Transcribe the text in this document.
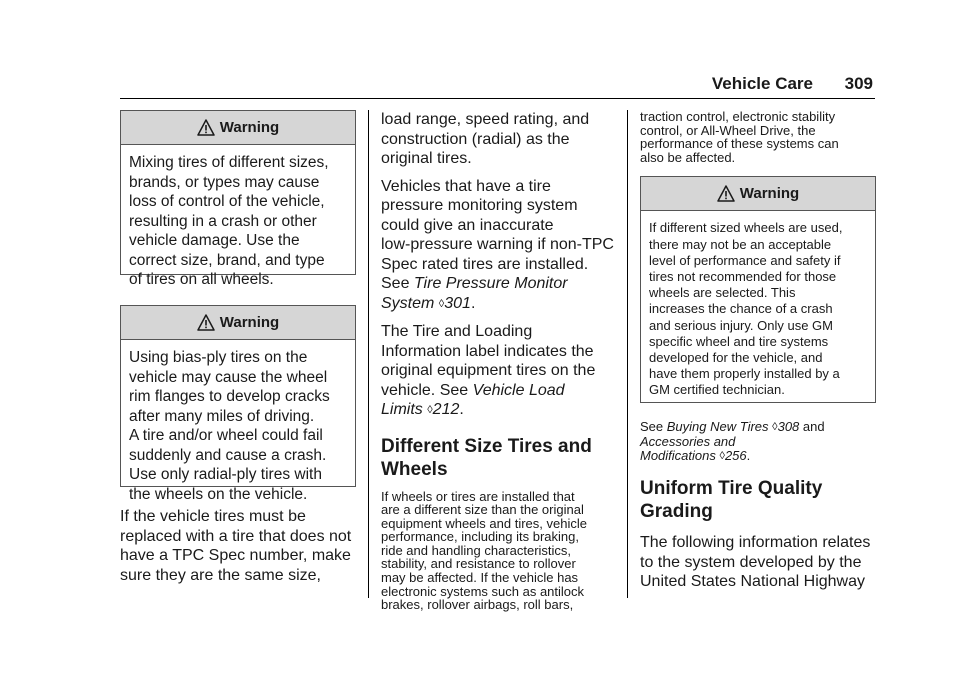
Vehicle Care 309
Warning
Mixing tires of different sizes,
brands, or types may cause
loss of control of the vehicle,
resulting in a crash or other
vehicle damage. Use the
correct size, brand, and type
of tires on all wheels.
Warning
Using bias-ply tires on the
vehicle may cause the wheel
rim flanges to develop cracks
after many miles of driving.
A tire and/or wheel could fail
suddenly and cause a crash.
Use only radial-ply tires with
the wheels on the vehicle.
If the vehicle tires must be
replaced with a tire that does not
have a TPC Spec number, make
sure they are the same size,
load range, speed rating, and
construction (radial) as the
original tires.
Vehicles that have a tire
pressure monitoring system
could give an inaccurate
low-pressure warning if non-TPC
Spec rated tires are installed.
See Tire Pressure Monitor
System ◊301.
The Tire and Loading
Information label indicates the
original equipment tires on the
vehicle. See Vehicle Load
Limits ◊212.
Different Size Tires and
Wheels
If wheels or tires are installed that
are a different size than the original
equipment wheels and tires, vehicle
performance, including its braking,
ride and handling characteristics,
stability, and resistance to rollover
may be affected. If the vehicle has
electronic systems such as antilock
brakes, rollover airbags, roll bars,
traction control, electronic stability
control, or All-Wheel Drive, the
performance of these systems can
also be affected.
Warning
If different sized wheels are used,
there may not be an acceptable
level of performance and safety if
tires not recommended for those
wheels are selected. This
increases the chance of a crash
and serious injury. Only use GM
specific wheel and tire systems
developed for the vehicle, and
have them properly installed by a
GM certified technician.
See Buying New Tires ◊308 and
Accessories and
Modifications ◊256.
Uniform Tire Quality
Grading
The following information relates
to the system developed by the
United States National Highway
